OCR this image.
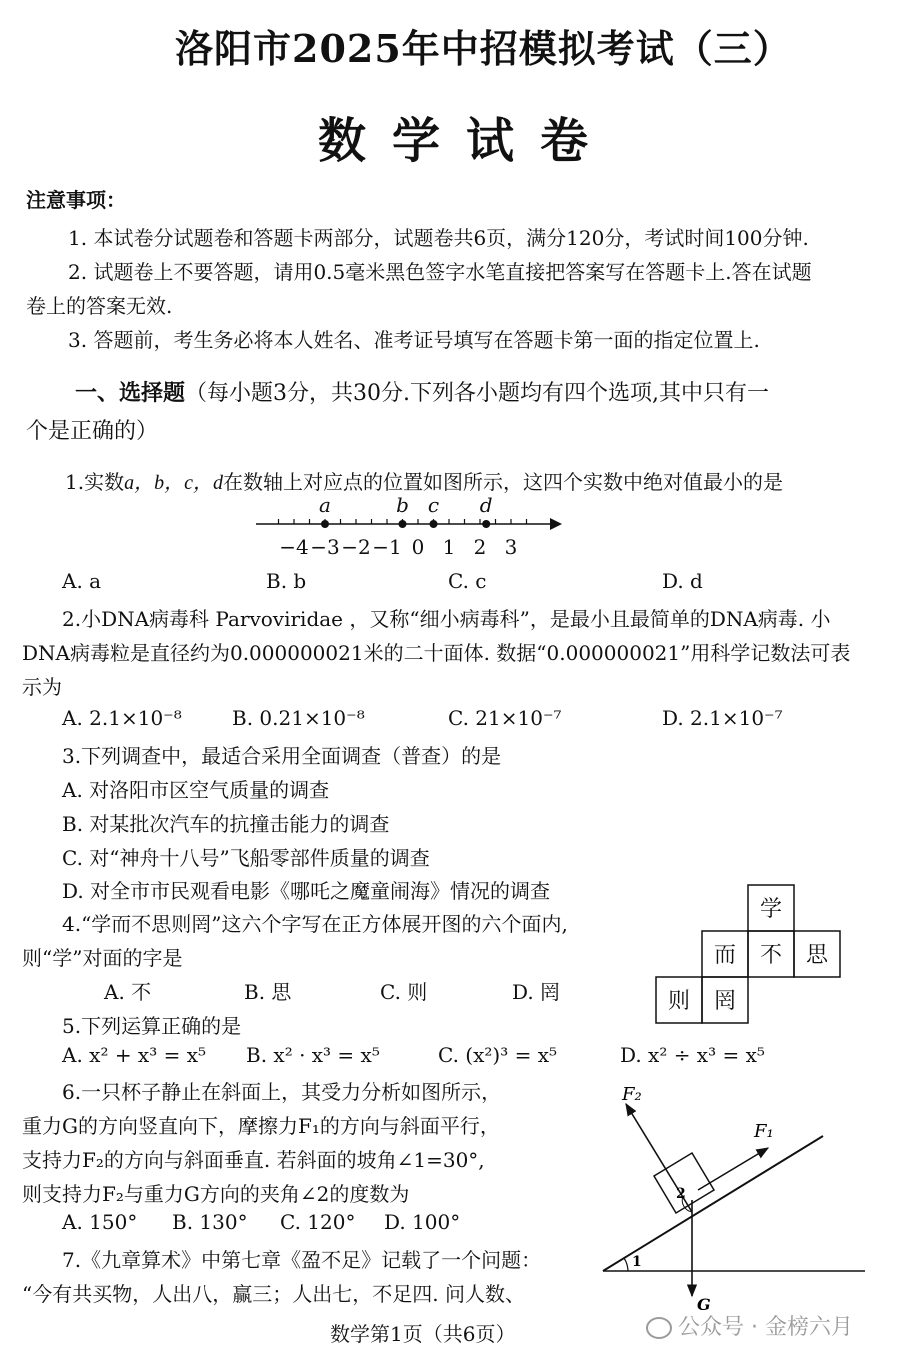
洛阳市2025年中招模拟考试（三）
数学试卷
注意事项：
1. 本试卷分试题卷和答题卡两部分，试题卷共6页，满分120分，考试时间100分钟.
2. 试题卷上不要答题，请用0.5毫米黑色签字水笔直接把答案写在答题卡上.答在试题
卷上的答案无效.
3. 答题前，考生务必将本人姓名、准考证号填写在答题卡第一面的指定位置上.
一、选择题（每小题3分，共30分.下列各小题均有四个选项,其中只有一
个是正确的）
1.实数a，b，c，d在数轴上对应点的位置如图所示，这四个实数中绝对值最小的是
−4 −3 −2 −1 0 1 2 3
a	b c d
A. a	B. b	C. c	D. d
2.小DNA病毒科 Parvoviridae ，又称“细小病毒科”，是最小且最简单的DNA病毒. 小
DNA病毒粒是直径约为0.000000021米的二十面体. 数据“0.000000021”用科学记数法可表
示为
A. 2.1×10⁻⁸	B. 0.21×10⁻⁸	C. 21×10⁻⁷	D. 2.1×10⁻⁷
3.下列调查中，最适合采用全面调查（普查）的是
A. 对洛阳市区空气质量的调查
B. 对某批次汽车的抗撞击能力的调查
C. 对“神舟十八号”飞船零部件质量的调查
D. 对全市市民观看电影《哪吒之魔童闹海》情况的调查
4.“学而不思则罔”这六个字写在正方体展开图的六个面内,
则“学”对面的字是
A. 不	B. 思	C. 则	D. 罔
学
而 不 思
则 罔
5.下列运算正确的是
A. x² + x³ = x⁵ B. x² · x³ = x⁵	C. (x²)³ = x⁵	D. x² ÷ x³ = x⁵
6.一只杯子静止在斜面上，其受力分析如图所示，
重力G的方向竖直向下，摩擦力F₁的方向与斜面平行，
支持力F₂的方向与斜面垂直. 若斜面的坡角∠1=30°,
则支持力F₂与重力G方向的夹角∠2的度数为
A. 150° B. 130° C. 120° D. 100°
F₂
F₁
G
1
2
7.《九章算术》中第七章《盈不足》记载了一个问题：
“今有共买物，人出八，赢三；人出七，不足四. 问人数、
数学第1页（共6页）	公众号 · 金榜六月
